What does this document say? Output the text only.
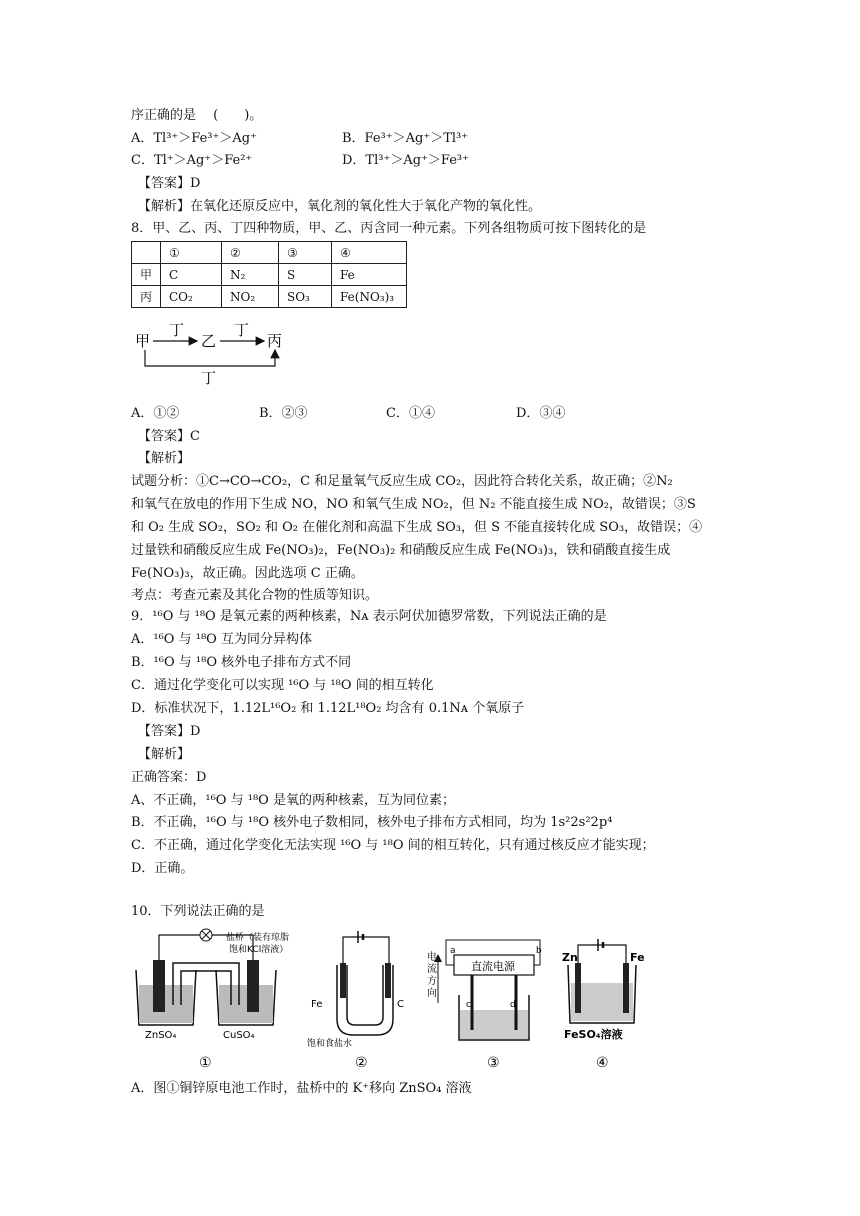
序正确的是　 (　　)。
A．Tl³⁺＞Fe³⁺＞Ag⁺	B．Fe³⁺＞Ag⁺＞Tl³⁺
C．Tl⁺＞Ag⁺＞Fe²⁺	D．Tl³⁺＞Ag⁺＞Fe³⁺
【答案】D
【解析】在氧化还原反应中，氧化剂的氧化性大于氧化产物的氧化性。
8．甲、乙、丙、丁四种物质，甲、乙、丙含同一种元素。下列各组物质可按下图转化的是
	①	②	③	④
甲	C	N₂	S	Fe
丙	CO₂	NO₂	SO₃	Fe(NO₃)₃
甲
丁
乙
丁
丙
丁
A．①②	B．②③	C．①④	D．③④
【答案】C
【解析】
试题分析：①C→CO→CO₂，C 和足量氧气反应生成 CO₂，因此符合转化关系，故正确；②N₂
和氧气在放电的作用下生成 NO，NO 和氧气生成 NO₂，但 N₂ 不能直接生成 NO₂，故错误；③S
和 O₂ 生成 SO₂，SO₂ 和 O₂ 在催化剂和高温下生成 SO₃，但 S 不能直接转化成 SO₃，故错误；④
过量铁和硝酸反应生成 Fe(NO₃)₂，Fe(NO₃)₂ 和硝酸反应生成 Fe(NO₃)₃，铁和硝酸直接生成
Fe(NO₃)₃，故正确。因此选项 C 正确。
考点：考查元素及其化合物的性质等知识。
9．¹⁶O 与 ¹⁸O 是氧元素的两种核素，Nᴀ 表示阿伏加德罗常数，下列说法正确的是
A．¹⁶O 与 ¹⁸O 互为同分异构体
B．¹⁶O 与 ¹⁸O 核外电子排布方式不同
C．通过化学变化可以实现 ¹⁶O 与 ¹⁸O 间的相互转化
D．标准状况下，1.12L¹⁶O₂ 和 1.12L¹⁸O₂ 均含有 0.1Nᴀ 个氧原子
【答案】D
【解析】
正确答案：D
A、不正确，¹⁶O 与 ¹⁸O 是氧的两种核素，互为同位素；
B．不正确，¹⁶O 与 ¹⁸O 核外电子数相同，核外电子排布方式相同，均为 1s²2s²2p⁴
C．不正确，通过化学变化无法实现 ¹⁶O 与 ¹⁸O 间的相互转化，只有通过核反应才能实现；
D．正确。
10．下列说法正确的是
盐桥（装有琼脂
饱和KCl溶液）
ZnSO₄	CuSO₄
①
Fe	C
饱和食盐水
②
直流电源
a	b
电
流
方
向
c	d
③
Zn	Fe
FeSO₄溶液
④
A．图①铜锌原电池工作时，盐桥中的 K⁺移向 ZnSO₄ 溶液
